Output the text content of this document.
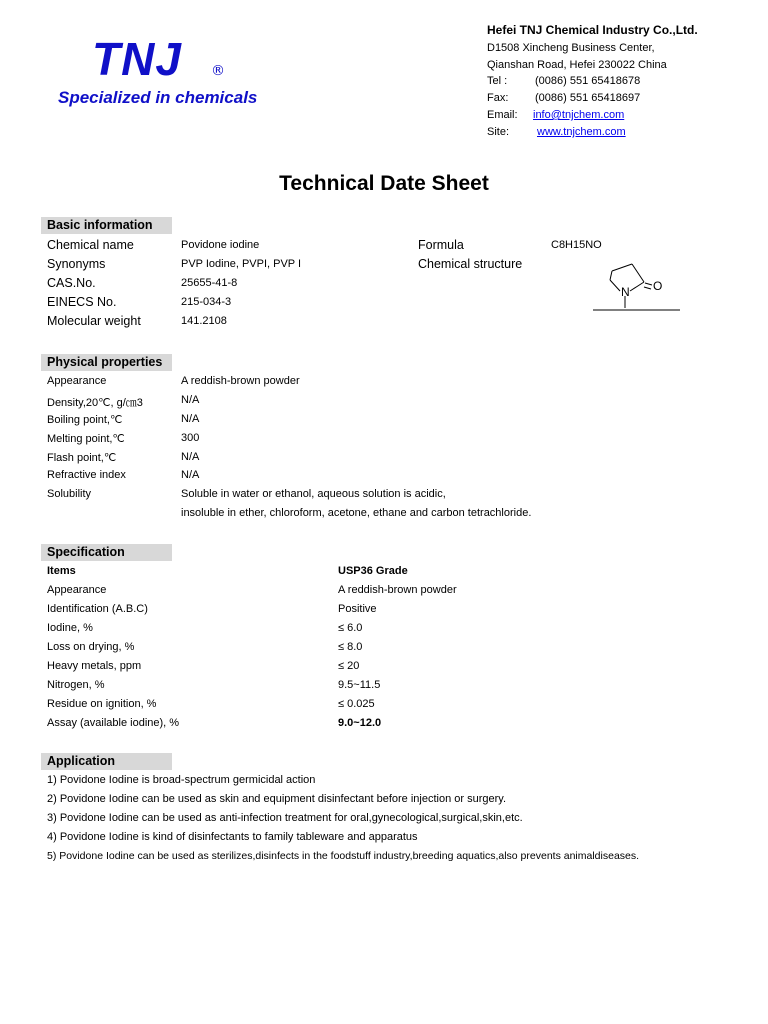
TNJ ®
Specialized in chemicals
Hefei TNJ Chemical Industry Co.,Ltd.
D1508 Xincheng Business Center,
Qianshan Road, Hefei 230022 China
Tel :	(0086) 551 65418678
Fax: (0086) 551 65418697
Email: info@tnjchem.com
Site:	www.tnjchem.com
Technical Date Sheet
Basic information
Chemical name	Povidone iodine
Synonyms	PVP Iodine, PVPI, PVP I
CAS.No.	25655-41-8
EINECS No.	215-034-3
Molecular weight	141.2108
Formula	C8H15NO
Chemical structure
N O
Physical properties
Appearance	A reddish-brown powder
Density,20℃, g/㎝3	N/A
Boiling point,℃	N/A
Melting point,℃	300
Flash point,℃	N/A
Refractive index	N/A
Solubility	Soluble in water or ethanol, aqueous solution is acidic,
insoluble in ether, chloroform, acetone, ethane and carbon tetrachloride.
Specification
Items	USP36 Grade
Appearance	A reddish-brown powder
Identification (A.B.C)	Positive
Iodine, %	≤ 6.0
Loss on drying, %	≤ 8.0
Heavy metals, ppm	≤ 20
Nitrogen, %	9.5~11.5
Residue on ignition, %	≤ 0.025
Assay (available iodine), %	9.0~12.0
Application
1) Povidone Iodine is broad-spectrum germicidal action
2) Povidone Iodine can be used as skin and equipment disinfectant before injection or surgery.
3) Povidone Iodine can be used as anti-infection treatment for oral,gynecological,surgical,skin,etc.
4) Povidone Iodine is kind of disinfectants to family tableware and apparatus
5) Povidone Iodine can be used as sterilizes,disinfects in the foodstuff industry,breeding aquatics,also prevents animaldiseases.
